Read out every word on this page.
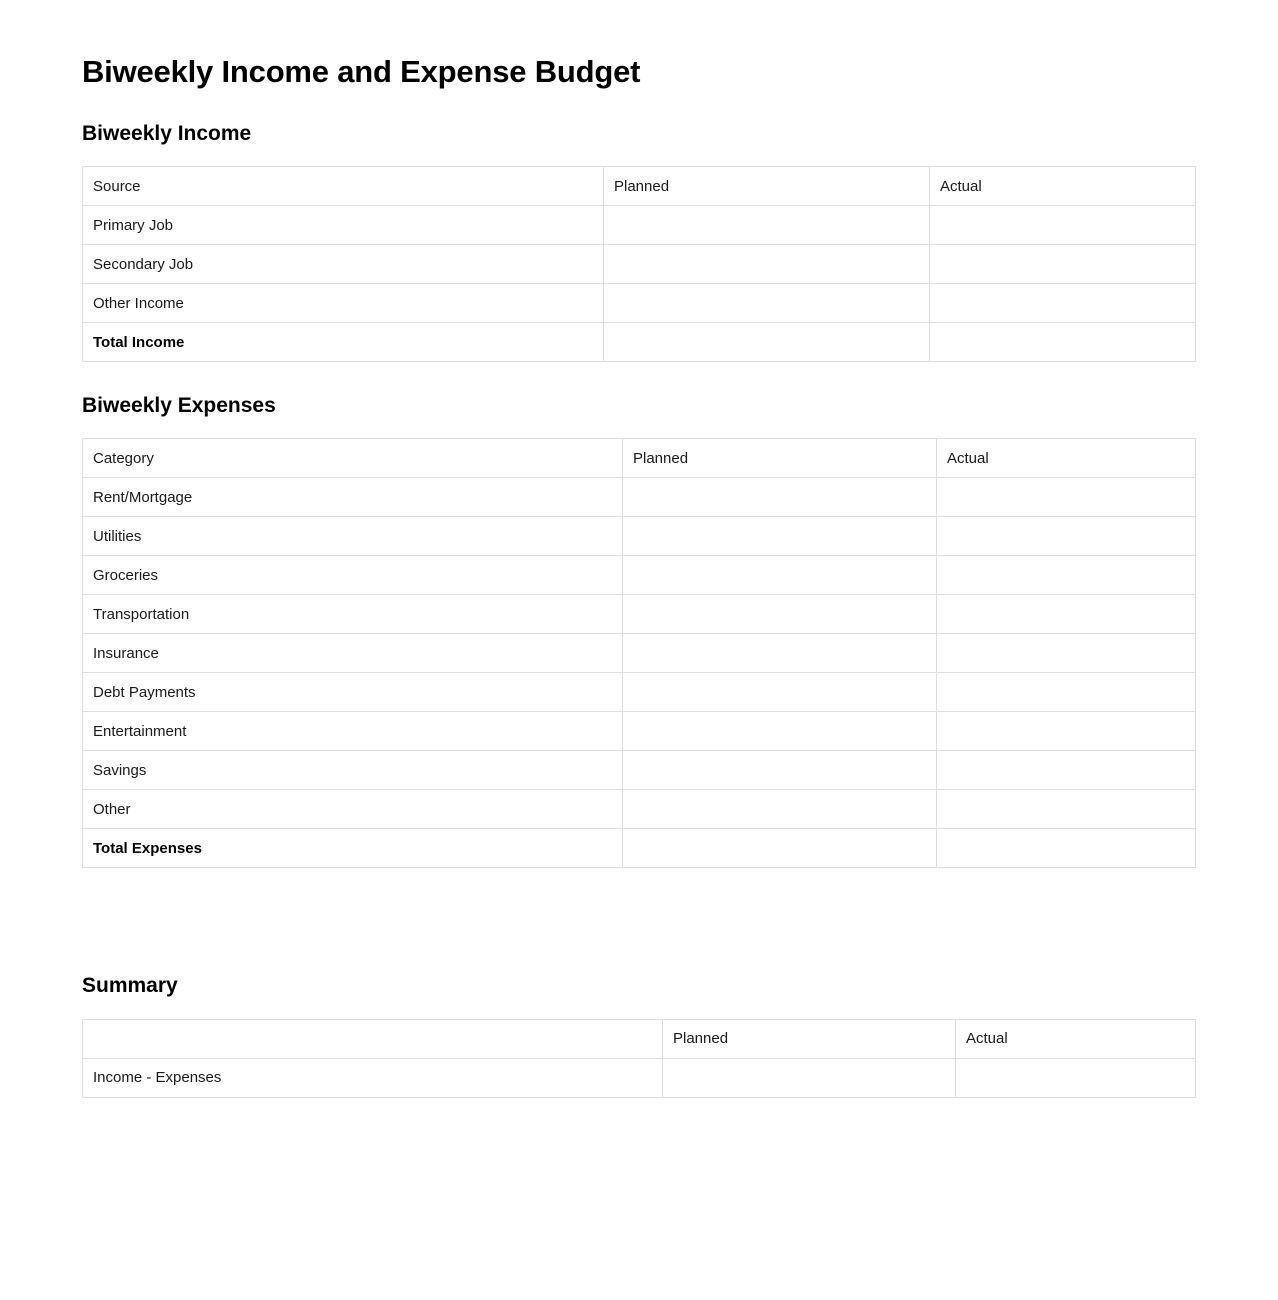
Biweekly Income and Expense Budget
Biweekly Income
Source	Planned	Actual
Primary Job		
Secondary Job		
Other Income		
Total Income		
Biweekly Expenses
Category	Planned	Actual
Rent/Mortgage		
Utilities		
Groceries		
Transportation		
Insurance		
Debt Payments		
Entertainment		
Savings		
Other		
Total Expenses		
Summary
	Planned	Actual
Income - Expenses		
